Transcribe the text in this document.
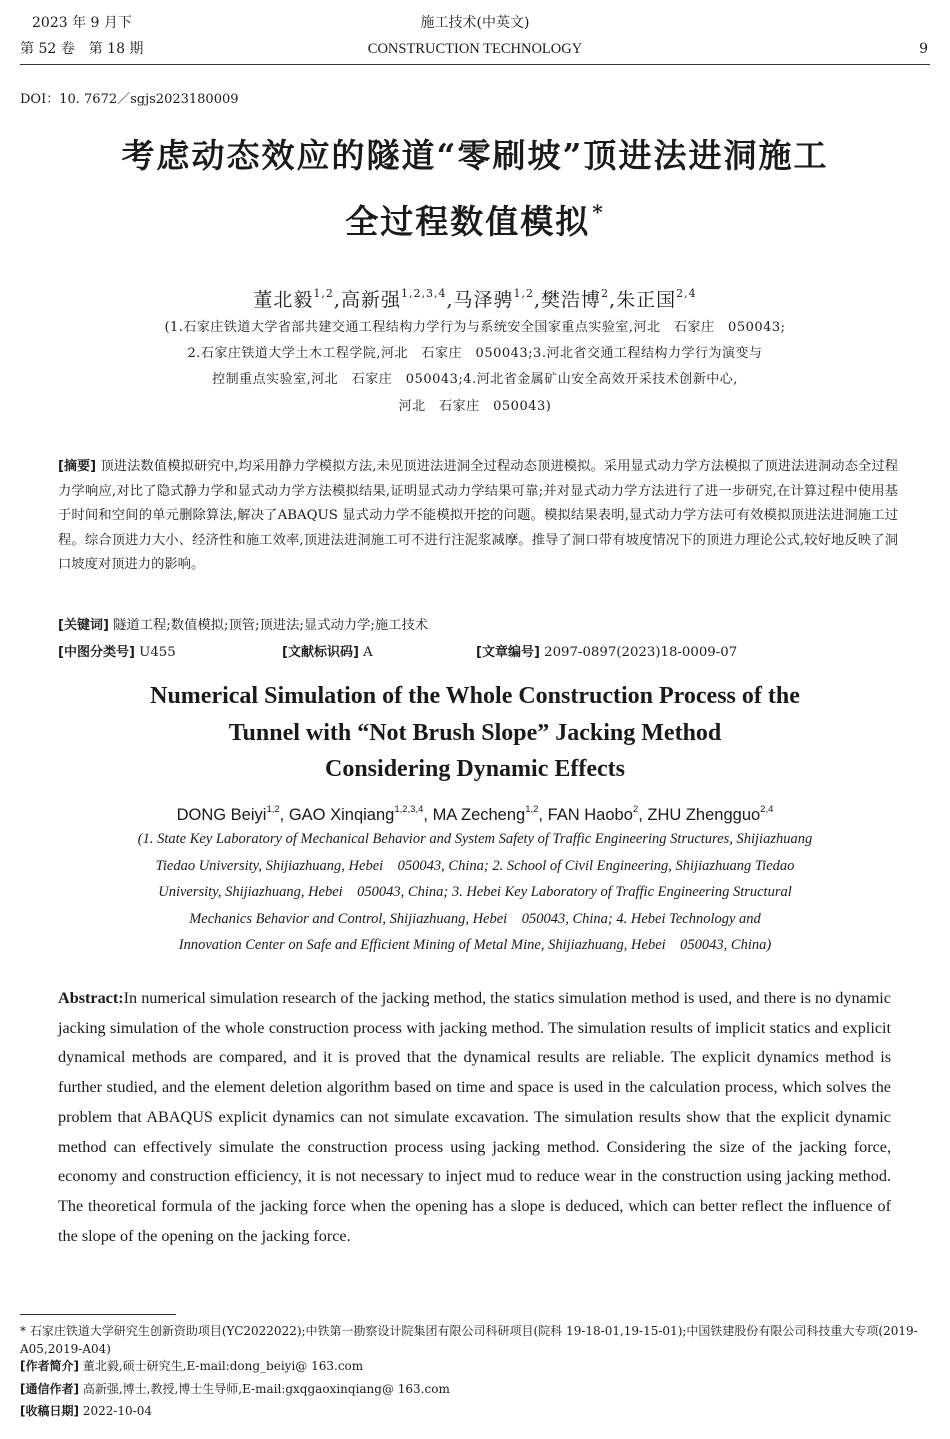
2023 年 9 月下
第 52 卷　第 18 期
施工技术(中英文)
CONSTRUCTION TECHNOLOGY	9
DOI：10. 7672／sgjs2023180009
考虑动态效应的隧道“零刷坡”顶进法进洞施工
全过程数值模拟 *
董北毅$^{1,2}$,高新强$^{1,2,3,4}$,马泽骋$^{1,2}$,樊浩博$^2$,朱正国$^{2,4}$
(1.石家庄铁道大学省部共建交通工程结构力学行为与系统安全国家重点实验室,河北　石家庄　050043;
2.石家庄铁道大学土木工程学院,河北　石家庄　050043;3.河北省交通工程结构力学行为演变与
控制重点实验室,河北　石家庄　050043;4.河北省金属矿山安全高效开采技术创新中心,
河北　石家庄　050043)
[摘要] 顶进法数值模拟研究中,均采用静力学模拟方法,未见顶进法进洞全过程动态顶进模拟。采用显式动力学方法模拟了顶进法进洞动态全过程力学响应,对比了隐式静力学和显式动力学方法模拟结果,证明显式动力学结果可靠;并对显式动力学方法进行了进一步研究,在计算过程中使用基于时间和空间的单元删除算法,解决了ABAQUS 显式动力学不能模拟开挖的问题。模拟结果表明,显式动力学方法可有效模拟顶进法进洞施工过程。综合顶进力大小、经济性和施工效率,顶进法进洞施工可不进行注泥浆减摩。推导了洞口带有坡度情况下的顶进力理论公式,较好地反映了洞口坡度对顶进力的影响。
[关键词] 隧道工程;数值模拟;顶管;顶进法;显式动力学;施工技术
[中图分类号] U455	[文献标识码] A	[文章编号] 2097-0897(2023)18-0009-07
Numerical Simulation of the Whole Construction Process of the
Tunnel with “Not Brush Slope” Jacking Method
Considering Dynamic Effects
DONG Beiyi$^{1,2}$, GAO Xinqiang$^{1,2,3,4}$, MA Zecheng$^{1,2}$, FAN Haobo$^2$, ZHU Zhengguo$^{2,4}$
(1. State Key Laboratory of Mechanical Behavior and System Safety of Traffic Engineering Structures, Shijiazhuang
Tiedao University, Shijiazhuang, Hebei　050043, China; 2. School of Civil Engineering, Shijiazhuang Tiedao
University, Shijiazhuang, Hebei　050043, China; 3. Hebei Key Laboratory of Traffic Engineering Structural
Mechanics Behavior and Control, Shijiazhuang, Hebei　050043, China; 4. Hebei Technology and
Innovation Center on Safe and Efficient Mining of Metal Mine, Shijiazhuang, Hebei　050043, China)
Abstract:In numerical simulation research of the jacking method, the statics simulation method is used, and there is no dynamic jacking simulation of the whole construction process with jacking method. The simulation results of implicit statics and explicit dynamical methods are compared, and it is proved that the dynamical results are reliable. The explicit dynamics method is further studied, and the element deletion algorithm based on time and space is used in the calculation process, which solves the problem that ABAQUS explicit dynamics can not simulate excavation. The simulation results show that the explicit dynamic method can effectively simulate the construction process using jacking method. Considering the size of the jacking force, economy and construction efficiency, it is not necessary to inject mud to reduce wear in the construction using jacking method. The theoretical formula of the jacking force when the opening has a slope is deduced, which can better reflect the influence of the slope of the opening on the jacking force.
* 石家庄铁道大学研究生创新资助项目(YC2022022);中铁第一勘察设计院集团有限公司科研项目(院科 19-18-01,19-15-01);中国铁建股份有限公司科技重大专项(2019-A05,2019-A04)
[作者简介] 董北毅,硕士研究生,E-mail:dong_beiyi@ 163.com
[通信作者] 高新强,博士,教授,博士生导师,E-mail:gxqgaoxinqiang@ 163.com
[收稿日期] 2022-10-04
